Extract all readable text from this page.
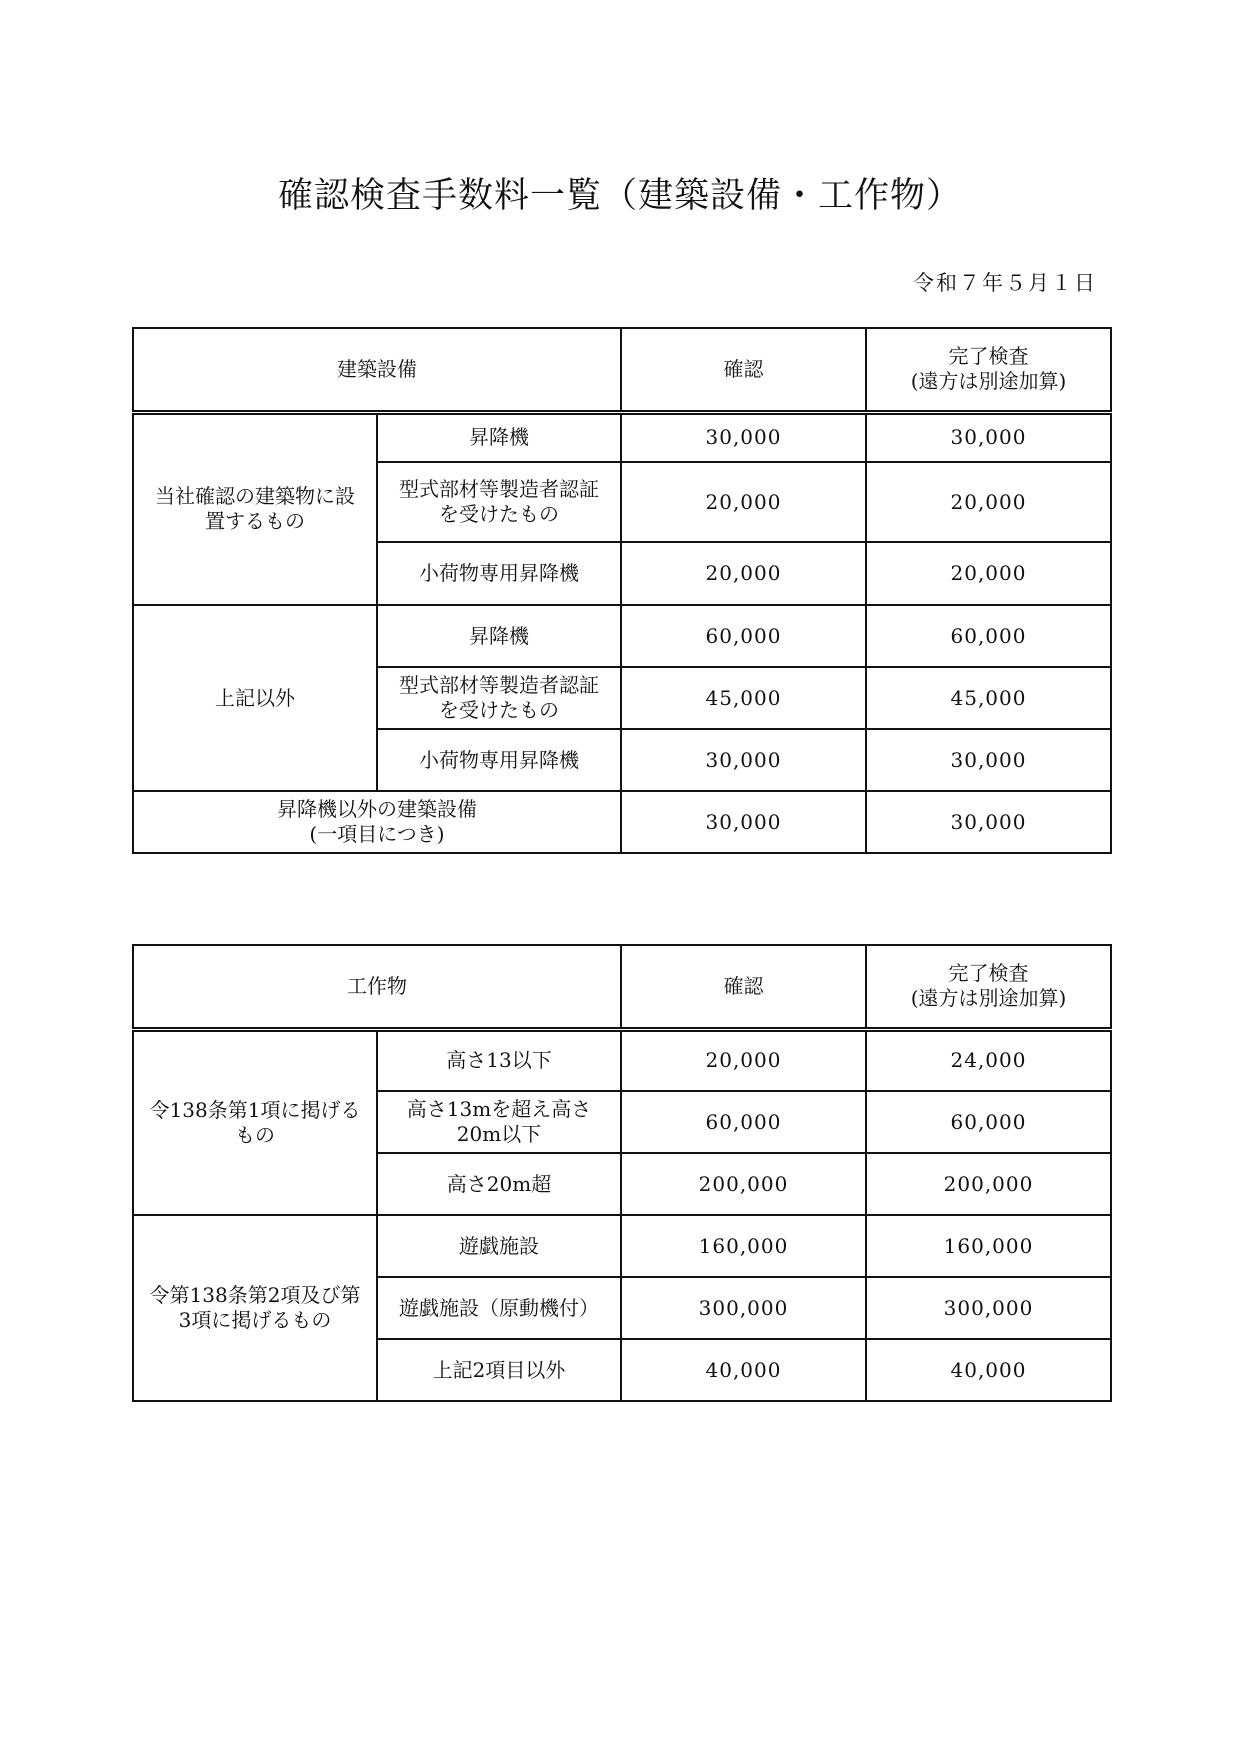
確認検査手数料一覧（建築設備・工作物）
令和７年５月１日
建築設備		確認	完了検査
(遠方は別途加算)

当社確認の建築物に設
置するもの	昇降機	30,000	30,000

	型式部材等製造者認証
を受けたもの	20,000	20,000
	小荷物専用昇降機	20,000	20,000

上記以外	昇降機	60,000	60,000

	型式部材等製造者認証
を受けたもの	45,000	45,000
	小荷物専用昇降機	30,000	30,000

昇降機以外の建築設備
(一項目につき)		30,000	30,000
工作物		確認	完了検査
(遠方は別途加算)

令138条第1項に掲げる
もの	高さ13以下	20,000	24,000

	高さ13mを超え高さ
20m以下	60,000	60,000
	高さ20m超	200,000	200,000

令第138条第2項及び第
3項に掲げるもの	遊戯施設	160,000	160,000
	遊戯施設（原動機付）	300,000	300,000
	上記2項目以外	40,000	40,000
